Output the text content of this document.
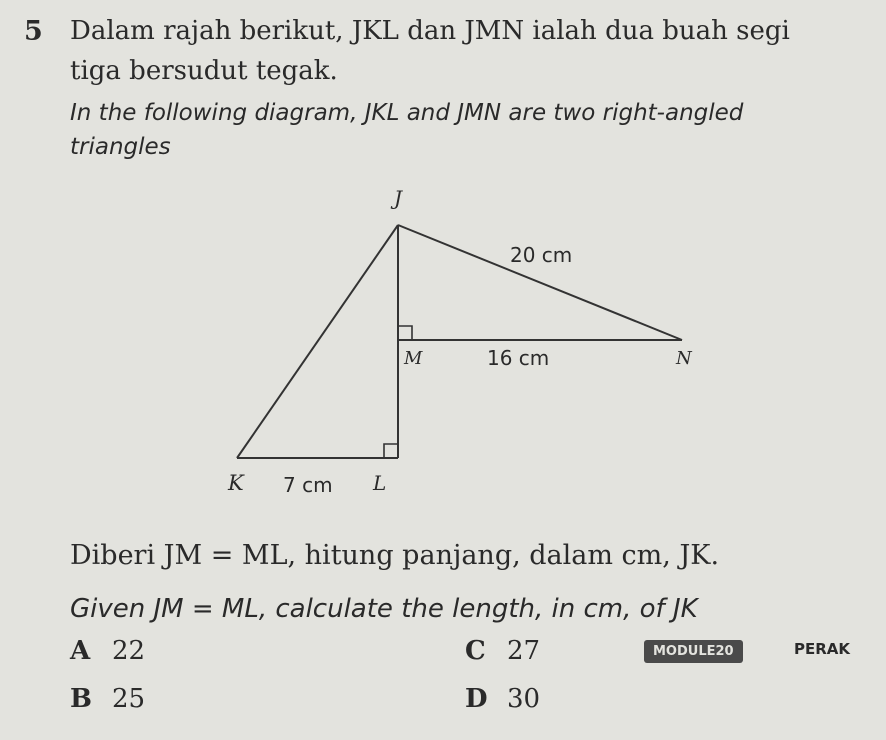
5 Dalam rajah berikut, JKL dan JMN ialah dua buah segi
tiga bersudut tegak.
In the following diagram, JKL and JMN are two right-angled
triangles
J
M	N
K	L
20 cm
16 cm
7 cm
Diberi JM = ML, hitung panjang, dalam cm, JK.
Given JM = ML, calculate the length, in cm, of JK
A 22	C 27
B 25	D 30
MODULE20	PERAK
